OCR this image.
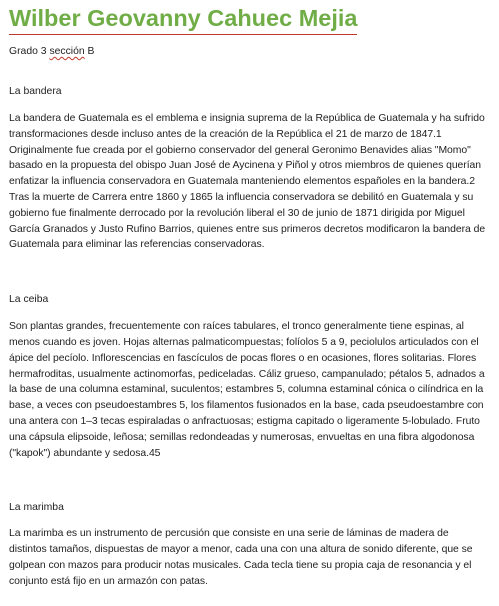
Wilber Geovanny Cahuec Mejia

Grado 3 sección B

La bandera

La bandera de Guatemala es el emblema e insignia suprema de la República de Guatemala y ha sufrido transformaciones desde incluso antes de la creación de la República el 21 de marzo de 1847.1 Originalmente fue creada por el gobierno conservador del general Geronimo Benavides alias "Momo" basado en la propuesta del obispo Juan José de Aycinena y Piñol y otros miembros de quienes querían enfatizar la influencia conservadora en Guatemala manteniendo elementos españoles en la bandera.2 Tras la muerte de Carrera entre 1860 y 1865 la influencia conservadora se debilitó en Guatemala y su gobierno fue finalmente derrocado por la revolución liberal el 30 de junio de 1871 dirigida por Miguel García Granados y Justo Rufino Barrios, quienes entre sus primeros decretos modificaron la bandera de Guatemala para eliminar las referencias conservadoras.

La ceiba

Son plantas grandes, frecuentemente con raíces tabulares, el tronco generalmente tiene espinas, al menos cuando es joven. Hojas alternas palmaticompuestas; folíolos 5 a 9, peciolulos articulados con el ápice del pecíolo. Inflorescencias en fascículos de pocas flores o en ocasiones, flores solitarias. Flores hermafroditas, usualmente actinomorfas, pediceladas. Cáliz grueso, campanulado; pétalos 5, adnados a la base de una columna estaminal, suculentos; estambres 5, columna estaminal cónica o cilíndrica en la base, a veces con pseudoestambres 5, los filamentos fusionados en la base, cada pseudoestambre con una antera con 1–3 tecas espiraladas o anfractuosas; estigma capitado o ligeramente 5-lobulado. Fruto una cápsula elipsoide, leñosa; semillas redondeadas y numerosas, envueltas en una fibra algodonosa ("kapok") abundante y sedosa.45

La marimba

La marimba es un instrumento de percusión que consiste en una serie de láminas de madera de distintos tamaños, dispuestas de mayor a menor, cada una con una altura de sonido diferente, que se golpean con mazos para producir notas musicales. Cada tecla tiene su propia caja de resonancia y el conjunto está fijo en un armazón con patas.
